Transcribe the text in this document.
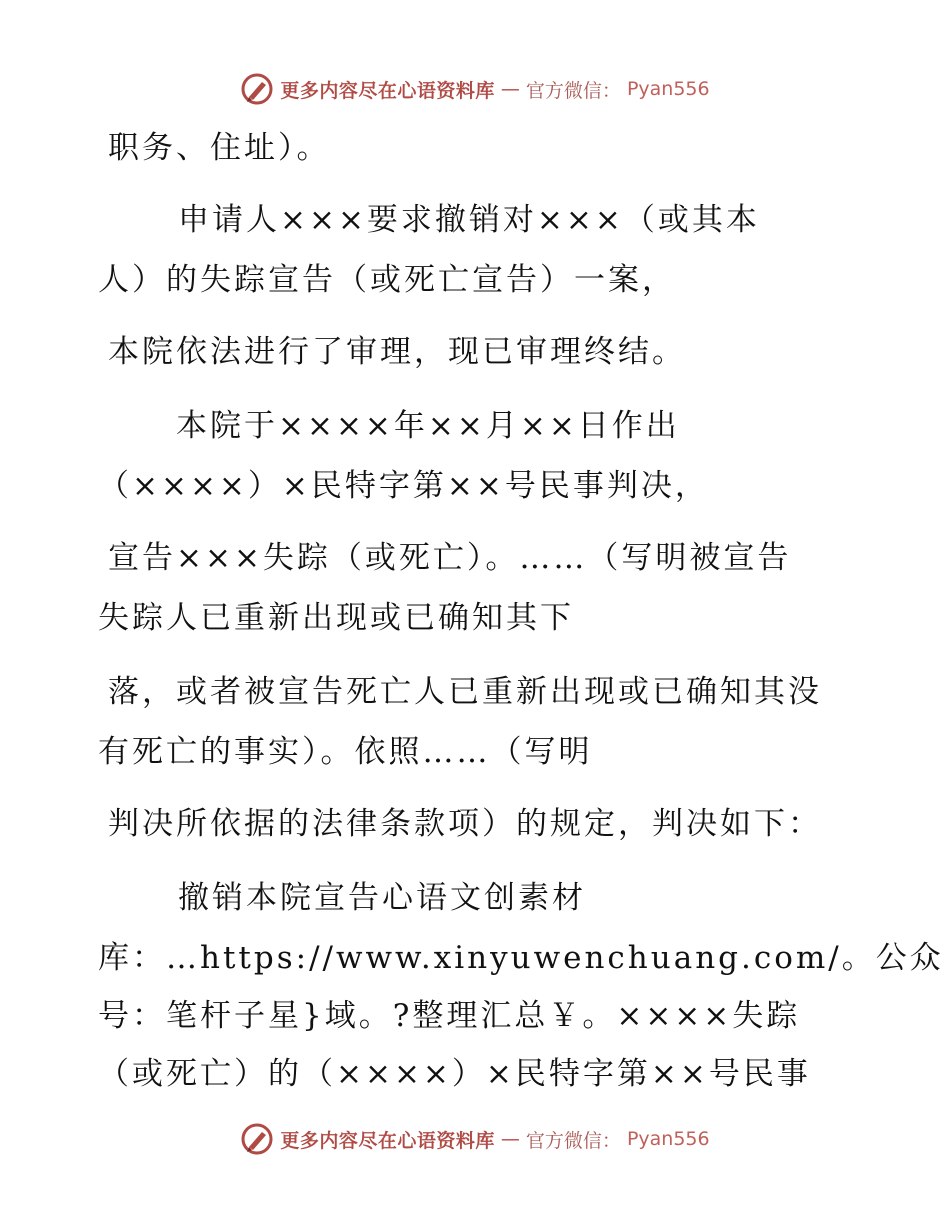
更多内容尽在心语资料库 — 官方微信： Pyan556
职务、住址）。
申请人×××要求撤销对×××（或其本
人）的失踪宣告（或死亡宣告）一案，
本院依法进行了审理，现已审理终结。
本院于××××年××月××日作出
（××××）×民特字第××号民事判决，
宣告×××失踪（或死亡）。……（写明被宣告
失踪人已重新出现或已确知其下
落，或者被宣告死亡人已重新出现或已确知其没
有死亡的事实）。依照……（写明
判决所依据的法律条款项）的规定，判决如下：
撤销本院宣告心语文创素材
库：…https://www.xinyuwenchuang.com/。公众
号：笔杆子星}域。?整理汇总￥。××××失踪
（或死亡）的（××××）×民特字第××号民事
更多内容尽在心语资料库 — 官方微信： Pyan556
